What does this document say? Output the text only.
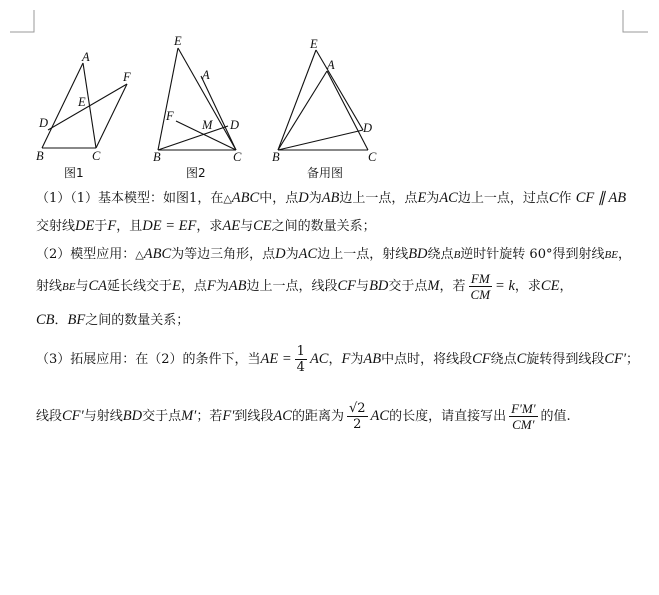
A
B	C
D
E
F
E
A
F
M D
B	C
E
A
D
B	C
图1	图2	备用图
（1）（1）基本模型：如图1，在△ABC中，点D为AB边上一点，点E为AC边上一点，过点C作 CF ∥ AB
交射线DE于F，且DE = EF，求AE与CE之间的数量关系；
（2）模型应用：△ABC为等边三角形，点D为AC边上一点，射线BD绕点B逆时针旋转 60°得到射线BE，
射线BE与CA延长线交于E，点F为AB边上一点，线段CF与BD交于点M，若 $\frac{FM}{CM} = k$，求CE，
CB．BF之间的数量关系；
（3）拓展应用：在（2）的条件下，当AE = $\frac{1}{4}$ AC，F为AB中点时，将线段CF绕点C旋转得到线段CF′；
线段CF′与射线BD交于点M′；若F′到线段AC的距离为 $\frac{√2}{2}$ AC的长度，请直接写出 $\frac{F'M'}{CM'}$ 的值.
